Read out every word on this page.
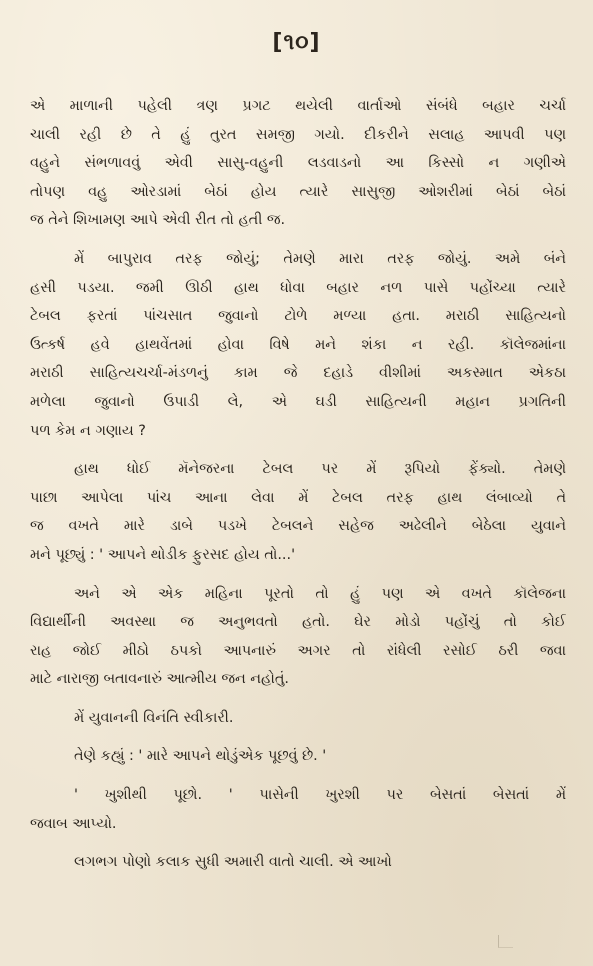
[૧૦]
એ માળાની પહેલી ત્રણ પ્રગટ થયેલી વાર્તાઓ સંબંધે બહાર ચર્ચા
ચાલી રહી છે તે હું તુરત સમજી ગયો. દીકરીને સલાહ આપવી પણ
વહુને સંભળાવવું એવી સાસુ-વહુની લડવાડનો આ કિસ્સો ન ગણીએ
તોપણ વહુ ઓરડામાં બેઠાં હોય ત્યારે સાસુજી ઓશરીમાં બેઠાં બેઠાં
જ તેને શિખામણ આપે એવી રીત તો હતી જ.
મેં બાપુરાવ તરફ જોયું; તેમણે મારા તરફ જોયું. અમે બંને
હસી પડયા. જમી ઊઠી હાથ ધોવા બહાર નળ પાસે પહોંચ્યા ત્યારે
ટેબલ ફરતાં પાંચસાત જુવાનો ટોળે મળ્યા હતા. મરાઠી સાહિત્યનો
ઉત્કર્ષ હવે હાથવેંતમાં હોવા વિષે મને શંકા ન રહી. કૉલેજમાંના
મરાઠી સાહિત્યચર્ચા-મંડળનું કામ જે દહાડે વીશીમાં અકસ્માત એકઠા
મળેલા જુવાનો ઉપાડી લે, એ ઘડી સાહિત્યની મહાન પ્રગતિની
પળ કેમ ન ગણાય ?
હાથ ધોઈ મૅનેજરના ટેબલ પર મેં રૂપિયો ફેંક્યો. તેમણે
પાછા આપેલા પાંચ આના લેવા મેં ટેબલ તરફ હાથ લંબાવ્યો તે
જ વખતે મારે ડાબે પડખે ટેબલને સહેજ અઢેલીને બેઠેલા યુવાને
મને પૂછ્યું : ' આપને થોડીક ફુરસદ હોય તો...'
અને એ એક મહિના પૂરતો તો હું પણ એ વખતે કૉલેજના
વિદ્યાર્થીની અવસ્થા જ અનુભવતો હતો. ઘેર મોડો પહોંચું તો કોઈ
રાહ જોઈ મીઠો ઠપકો આપનારું અગર તો રાંધેલી રસોઈ ઠરી જવા
માટે નારાજી બતાવનારું આત્મીય જન નહોતું.
મેં યુવાનની વિનંતિ સ્વીકારી.
તેણે કહ્યું : ' મારે આપને થોડુંએક પૂછવું છે. '
' ખુશીથી પૂછો. ' પાસેની ખુરશી પર બેસતાં બેસતાં મેં
જવાબ આપ્યો.
લગભગ પોણો કલાક સુધી અમારી વાતો ચાલી. એ આખો
